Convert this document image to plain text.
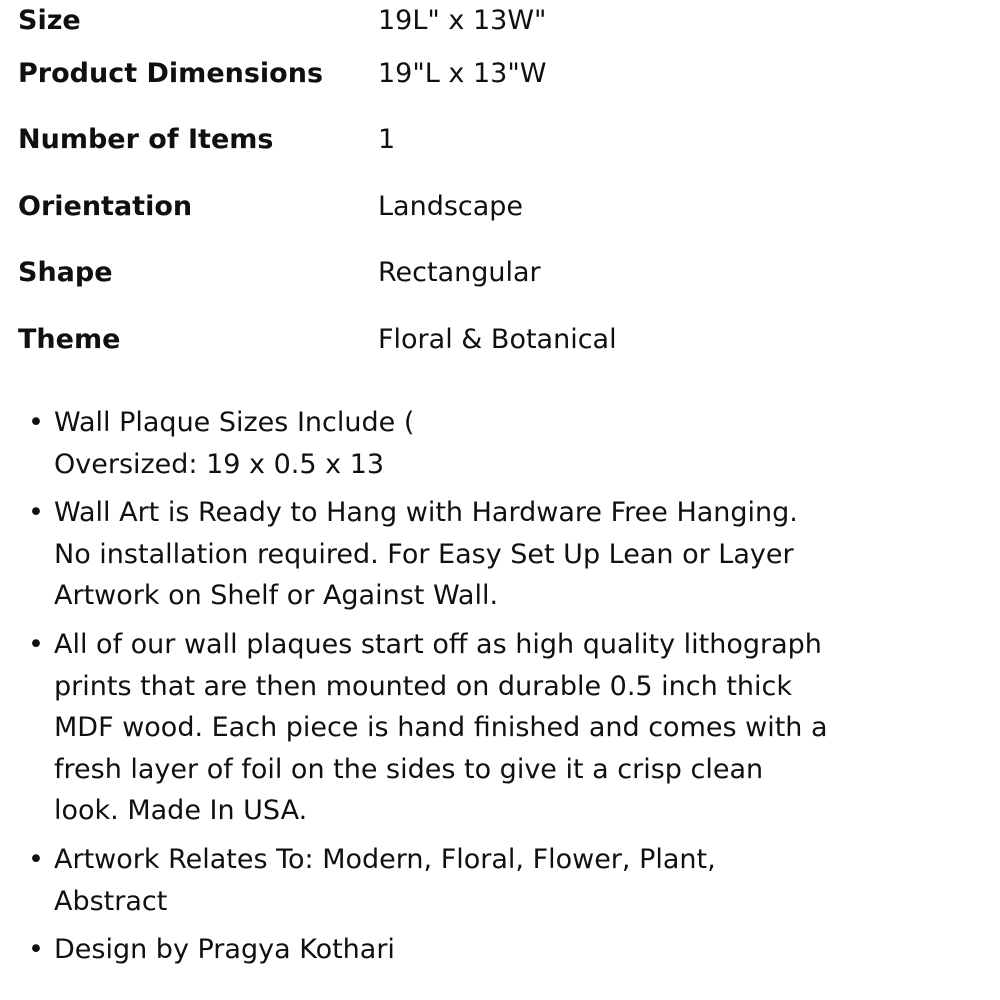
Size	19L" x 13W"
Product Dimensions	19"L x 13"W
Number of Items	1
Orientation	Landscape
Shape	Rectangular
Theme	Floral & Botanical
• Wall Plaque Sizes Include (
Oversized: 19 x 0.5 x 13
• Wall Art is Ready to Hang with Hardware Free Hanging. No installation required. For Easy Set Up Lean or Layer Artwork on Shelf or Against Wall.
• All of our wall plaques start off as high quality lithograph prints that are then mounted on durable 0.5 inch thick MDF wood. Each piece is hand finished and comes with a fresh layer of foil on the sides to give it a crisp clean look. Made In USA.
• Artwork Relates To: Modern, Floral, Flower, Plant, Abstract
• Design by Pragya Kothari
